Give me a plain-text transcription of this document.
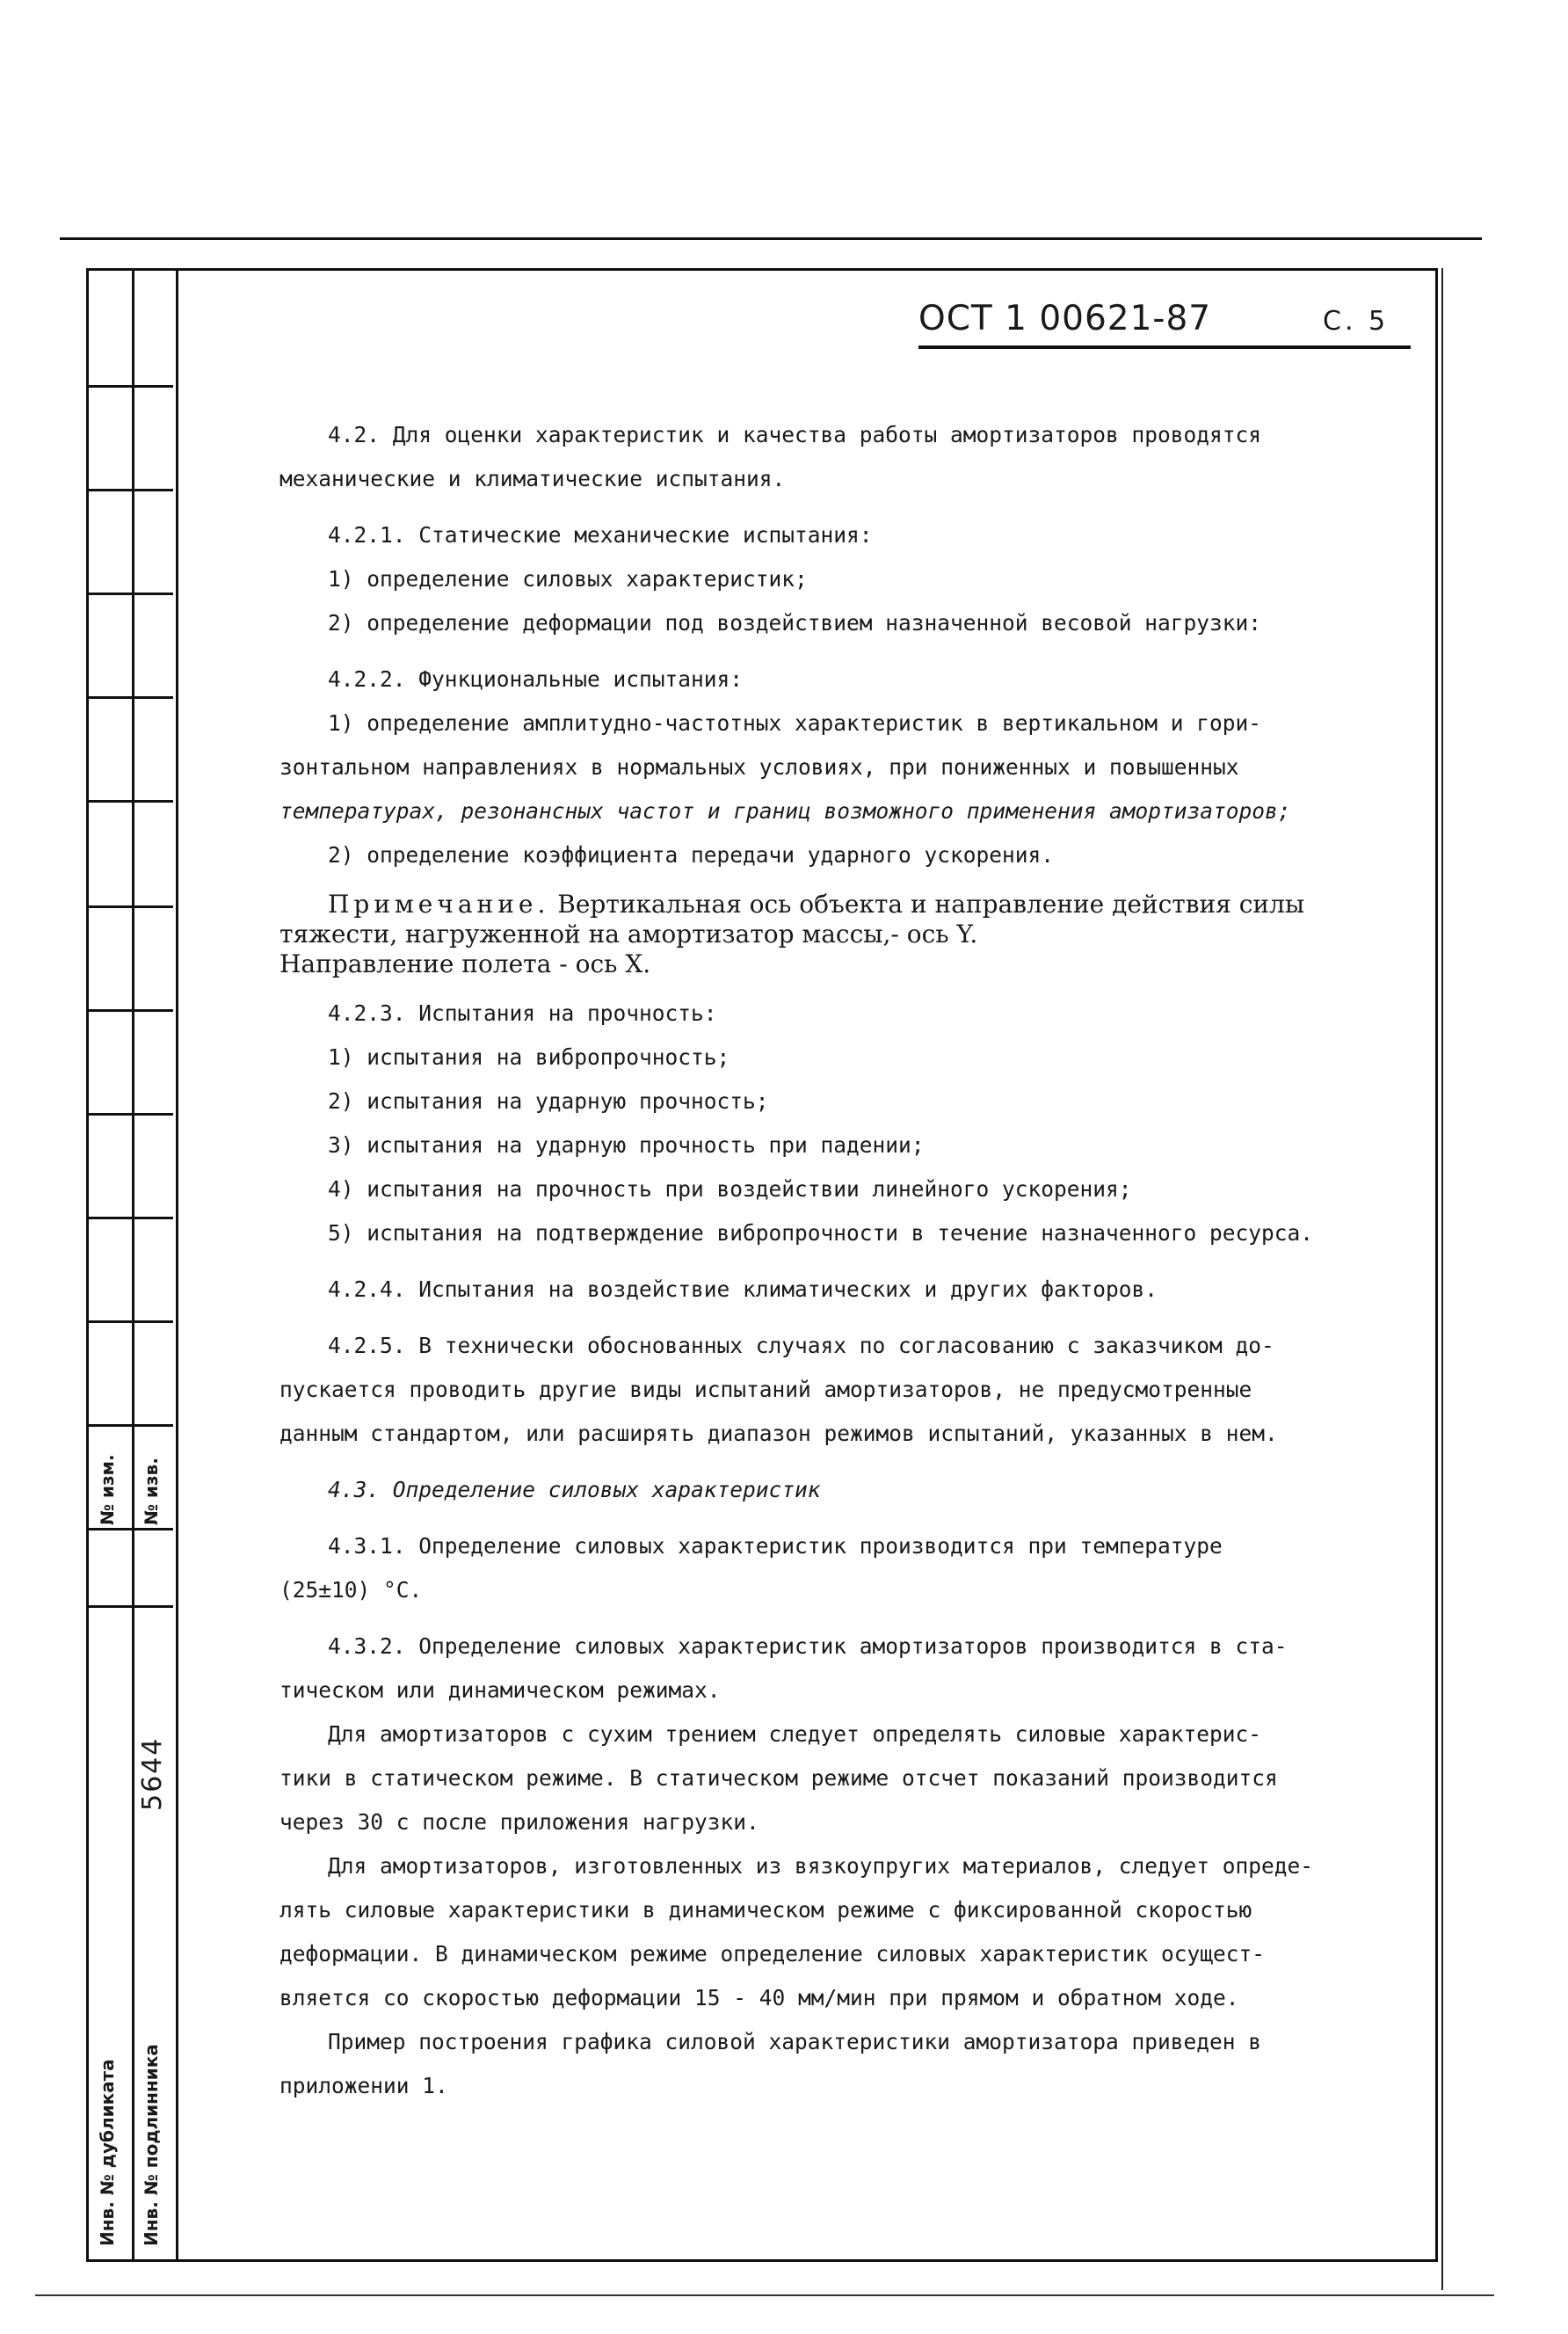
№ изм. № изв.
5644
Инв. № дубликата Инв. № подлинника
ОСТ 1 00621-87	С. 5

4.2. Для оценки характеристик и качества работы амортизаторов проводятся

механические и климатические испытания.

4.2.1. Статические механические испытания:

1) определение силовых характеристик;

2) определение деформации под воздействием назначенной весовой нагрузки:

4.2.2. Функциональные испытания:

1) определение амплитудно-частотных характеристик в вертикальном и гори-

зонтальном направлениях в нормальных условиях, при пониженных и повышенных

температурах, резонансных частот и границ возможного применения амортизаторов;

2) определение коэффициента передачи ударного ускорения.

Примечание. Вертикальная ось объекта и направление действия силы

тяжести, нагруженной на амортизатор массы,- ось Y.

Направление полета - ось X.

4.2.3. Испытания на прочность:

1) испытания на вибропрочность;

2) испытания на ударную прочность;

3) испытания на ударную прочность при падении;

4) испытания на прочность при воздействии линейного ускорения;

5) испытания на подтверждение вибропрочности в течение назначенного ресурса.

4.2.4. Испытания на воздействие климатических и других факторов.

4.2.5. В технически обоснованных случаях по согласованию с заказчиком до-

пускается проводить другие виды испытаний амортизаторов, не предусмотренные

данным стандартом, или расширять диапазон режимов испытаний, указанных в нем.

4.3. Определение силовых характеристик

4.3.1. Определение силовых характеристик производится при температуре

(25±10) °С.

4.3.2. Определение силовых характеристик амортизаторов производится в ста-

тическом или динамическом режимах.

Для амортизаторов с сухим трением следует определять силовые характерис-

тики в статическом режиме. В статическом режиме отсчет показаний производится

через 30 с после приложения нагрузки.

Для амортизаторов, изготовленных из вязкоупругих материалов, следует опреде-

лять силовые характеристики в динамическом режиме с фиксированной скоростью

деформации. В динамическом режиме определение силовых характеристик осущест-

вляется со скоростью деформации 15 - 40 мм/мин при прямом и обратном ходе.

Пример построения графика силовой характеристики амортизатора приведен в

приложении 1.
